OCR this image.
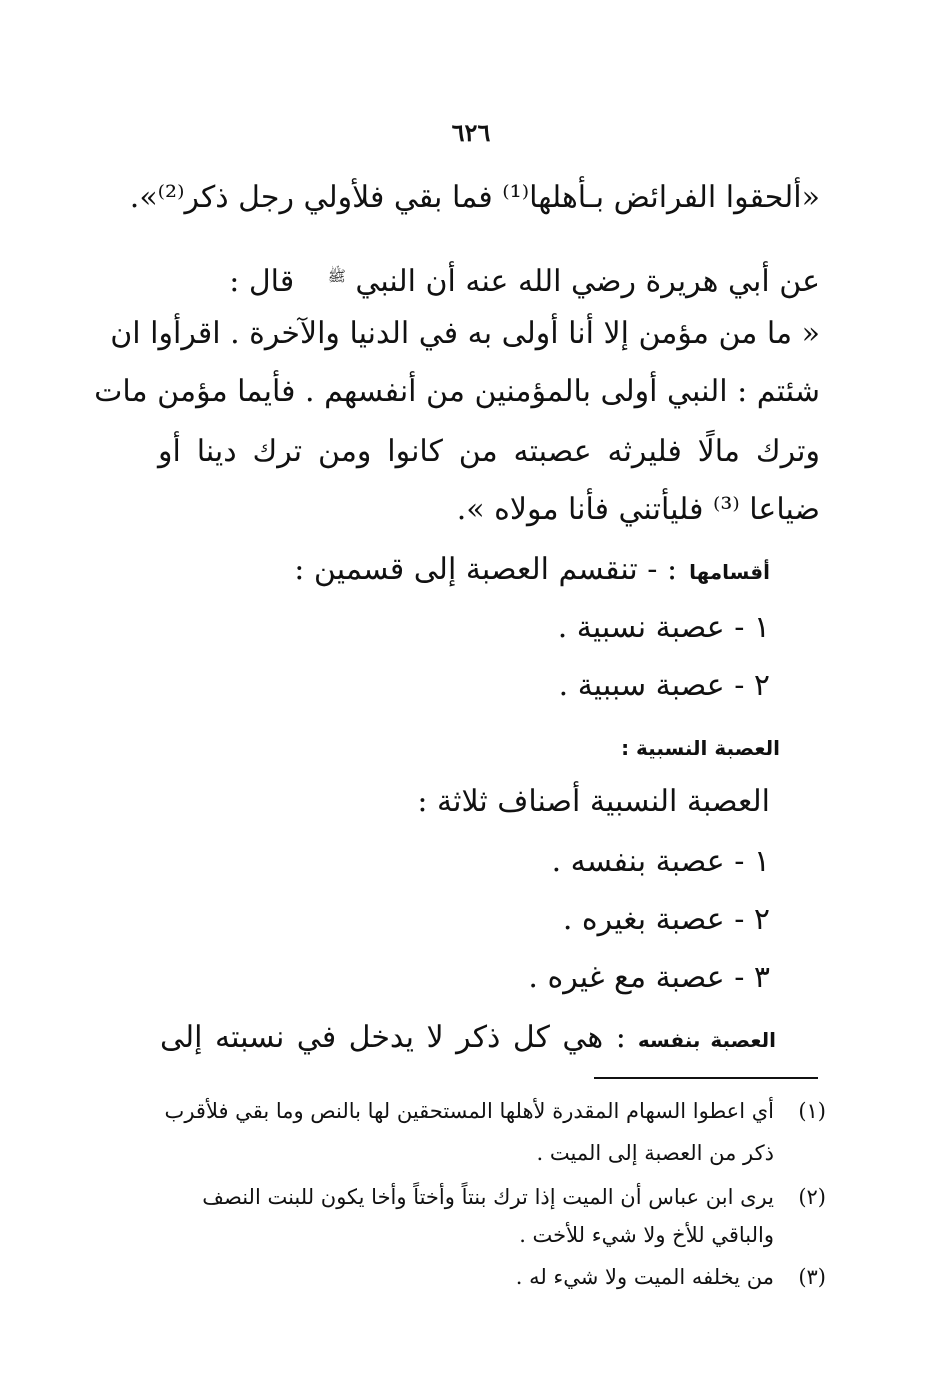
٦٢٦
«ألحقوا الفرائض بـأهلها⁽¹⁾ فما بقي فلأولي رجل ذكر⁽²⁾».
عن أبي هريرة رضي الله عنه أن النبي $^ﷺ$ قال :
« ما من مؤمن إلا أنا أولى به في الدنيا والآخرة . اقرأوا ان
شئتم : النبي أولى بالمؤمنين من أنفسهم . فأيما مؤمن مات
وترك مالًا فليرثه عصبته من كانوا ومن ترك دينا أو
ضياعا ⁽³⁾ فليأتني فأنا مولاه ».
أقسامها: - تنقسم العصبة إلى قسمين :
١ - عصبة نسبية .
٢ - عصبة سببية .
العصبة النسبية :
العصبة النسبية أصناف ثلاثة :
١ - عصبة بنفسه .
٢ - عصبة بغيره .
٣ - عصبة مع غيره .
العصبة بنفسه: هي كل ذكر لا يدخل في نسبته إلى
(١)أي اعطوا السهام المقدرة لأهلها المستحقين لها بالنص وما بقي فلأقرب
ذكر من العصبة إلى الميت .
(٢)يرى ابن عباس أن الميت إذا ترك بنتاً وأختاً وأخا يكون للبنت النصف
والباقي للأخ ولا شيء للأخت .
(٣)من يخلفه الميت ولا شيء له .
